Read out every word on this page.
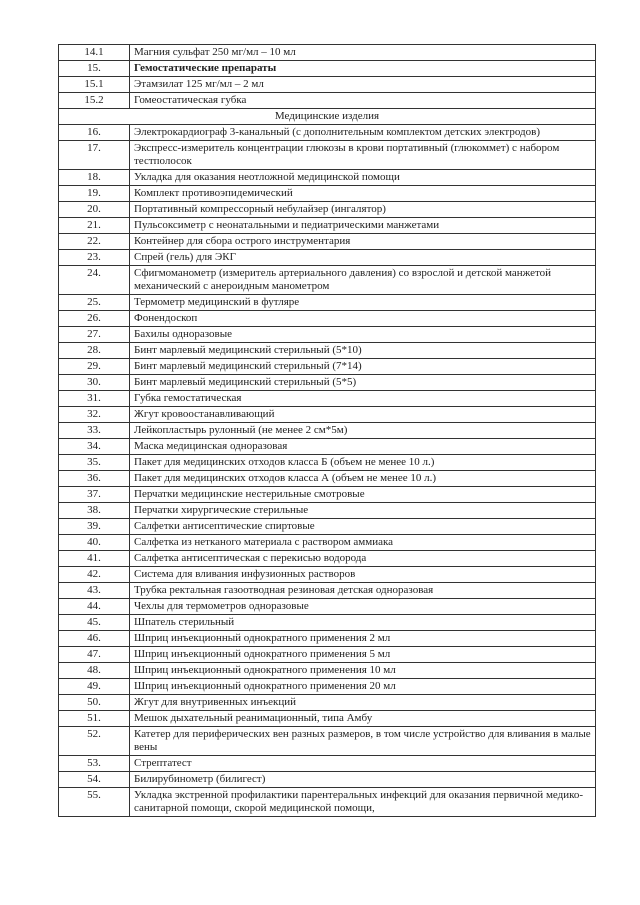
14.1	Магния сульфат 250 мг/мл – 10 мл
15.	Гемостатические препараты
15.1	Этамзилат 125 мг/мл – 2 мл
15.2	Гомеостатическая губка
Медицинские изделия	
16.	Электрокардиограф 3-канальный (с дополнительным комплектом детских электродов)
17.	Экспресс-измеритель концентрации глюкозы в крови портативный (глюкоммет) с набором тестполосок
18.	Укладка для оказания неотложной медицинской помощи
19.	Комплект противоэпидемический
20.	Портативный компрессорный небулайзер (ингалятор)
21.	Пульсоксиметр с неонатальными и педиатрическими манжетами
22.	Контейнер для сбора острого инструментария
23.	Спрей (гель) для ЭКГ
24.	Сфигмоманометр (измеритель артериального давления) со взрослой и детской манжетой механический с анероидным манометром
25.	Термометр медицинский в футляре
26.	Фонендоскоп
27.	Бахилы одноразовые
28.	Бинт марлевый медицинский стерильный (5*10)
29.	Бинт марлевый медицинский стерильный (7*14)
30.	Бинт марлевый медицинский стерильный (5*5)
31.	Губка гемостатическая
32.	Жгут кровоостанавливающий
33.	Лейкопластырь рулонный (не менее 2 см*5м)
34.	Маска медицинская одноразовая
35.	Пакет для медицинских отходов класса Б (объем не менее 10 л.)
36.	Пакет для медицинских отходов класса А (объем не менее 10 л.)
37.	Перчатки медицинские нестерильные смотровые
38.	Перчатки хирургические стерильные
39.	Салфетки антисептические спиртовые
40.	Салфетка из нетканого материала с раствором аммиака
41.	Салфетка антисептическая с перекисью водорода
42.	Система для вливания инфузионных растворов
43.	Трубка ректальная газоотводная резиновая детская одноразовая
44.	Чехлы для термометров одноразовые
45.	Шпатель стерильный
46.	Шприц инъекционный однократного применения 2 мл
47.	Шприц инъекционный однократного применения 5 мл
48.	Шприц инъекционный однократного применения 10 мл
49.	Шприц инъекционный однократного применения 20 мл
50.	Жгут для внутривенных инъекций
51.	Мешок дыхательный реанимационный, типа Амбу
52.	Катетер для периферических вен разных размеров, в том числе устройство для вливания в малые вены
53.	Стрептатест
54.	Билирубинометр (билигест)
55.	Укладка экстренной профилактики парентеральных инфекций для оказания первичной медико-санитарной помощи, скорой медицинской помощи,
